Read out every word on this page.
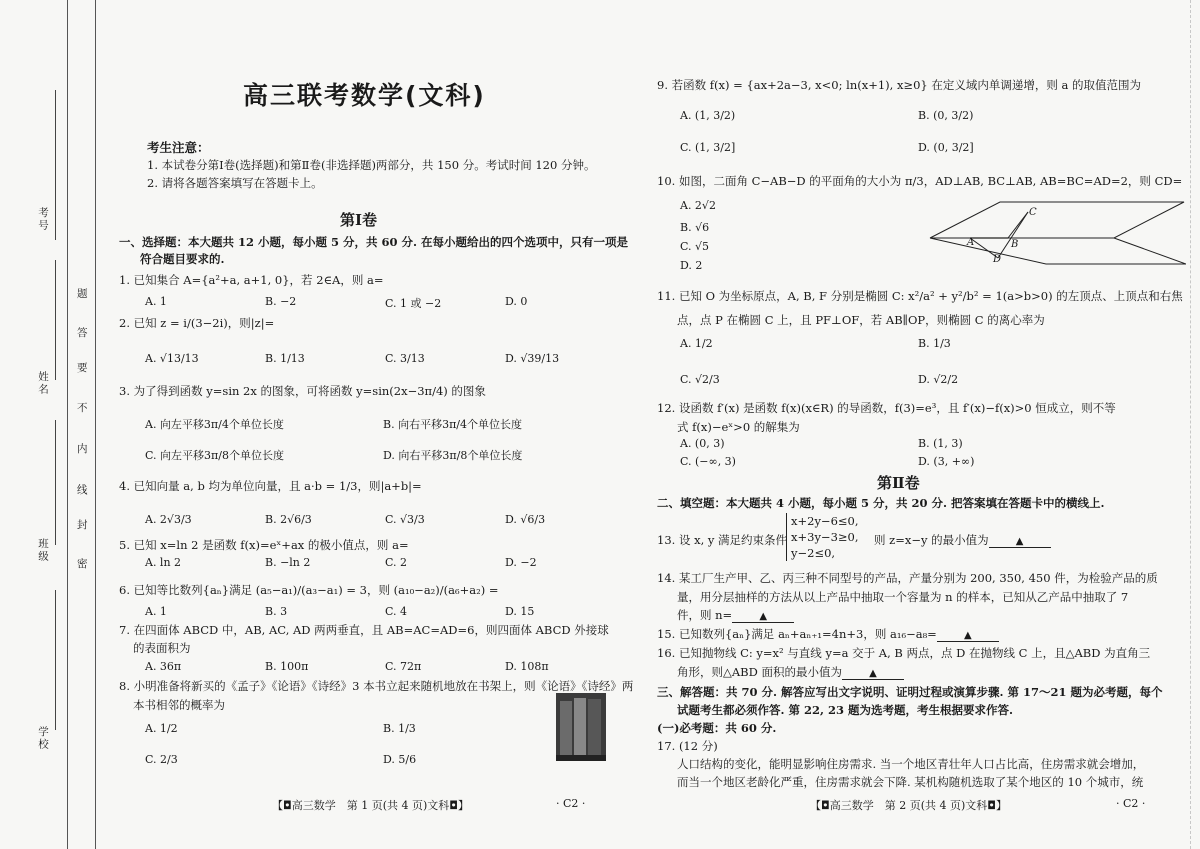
考号
姓名
班级
学校
题
答
要
不
内
线
封
密
高三联考数学(文科)
考生注意：
1. 本试卷分第Ⅰ卷(选择题)和第Ⅱ卷(非选择题)两部分，共 150 分。考试时间 120 分钟。
2. 请将各题答案填写在答题卡上。
第Ⅰ卷
一、选择题：本大题共 12 小题，每小题 5 分，共 60 分. 在每小题给出的四个选项中，只有一项是
符合题目要求的.
1. 已知集合 A={a²+a, a+1, 0}，若 2∈A，则 a=
A. 1	B. −2	C. 1 或 −2	D. 0
2. 已知 z = i/(3−2i)，则|z|=
A. √13/13	B. 1/13	C. 3/13	D. √39/13
3. 为了得到函数 y=sin 2x 的图象，可将函数 y=sin(2x−3π/4) 的图象
A. 向左平移3π/4个单位长度	B. 向右平移3π/4个单位长度
C. 向左平移3π/8个单位长度	D. 向右平移3π/8个单位长度
4. 已知向量 a, b 均为单位向量，且 a·b = 1/3，则|a+b|=
A. 2√3/3	B. 2√6/3	C. √3/3	D. √6/3
5. 已知 x=ln 2 是函数 f(x)=eˣ+ax 的极小值点，则 a=
A. ln 2	B. −ln 2	C. 2	D. −2
6. 已知等比数列{aₙ}满足 (a₅−a₁)/(a₃−a₁) = 3，则 (a₁₀−a₂)/(a₆+a₂) =
A. 1	B. 3	C. 4	D. 15
7. 在四面体 ABCD 中，AB, AC, AD 两两垂直，且 AB=AC=AD=6，则四面体 ABCD 外接球
的表面积为
A. 36π	B. 100π	C. 72π	D. 108π
8. 小明准备将新买的《孟子》《论语》《诗经》3 本书立起来随机地放在书架上，则《论语》《诗经》两
本书相邻的概率为
A. 1/2	B. 1/3
C. 2/3	D. 5/6
【◘高三数学　第 1 页(共 4 页)文科◘】	· C2 ·
9. 若函数 f(x) = {ax+2a−3, x<0; ln(x+1), x≥0} 在定义域内单调递增，则 a 的取值范围为
A. (1, 3/2)	B. (0, 3/2)
C. (1, 3/2]	D. (0, 3/2]
10. 如图，二面角 C−AB−D 的平面角的大小为 π/3，AD⊥AB, BC⊥AB, AB=BC=AD=2，则 CD=
A. 2√2
B. √6
C. √5
D. 2
11. 已知 O 为坐标原点，A, B, F 分别是椭圆 C: x²/a² + y²/b² = 1(a>b>0) 的左顶点、上顶点和右焦
点，点 P 在椭圆 C 上，且 PF⊥OF，若 AB∥OP，则椭圆 C 的离心率为
A. 1/2	B. 1/3
C. √2/3	D. √2/2
12. 设函数 f′(x) 是函数 f(x)(x∈R) 的导函数，f(3)=e³，且 f′(x)−f(x)>0 恒成立，则不等
式 f(x)−eˣ>0 的解集为
A. (0, 3)	B. (1, 3)
C. (−∞, 3)	D. (3, +∞)
A	B
C
D
第Ⅱ卷
二、填空题：本大题共 4 小题，每小题 5 分，共 20 分. 把答案填在答题卡中的横线上.
13. 设 x, y 满足约束条件
x+2y−6≤0,
x+3y−3≥0,
y−2≤0,
则 z=x−y 的最小值为	▲
14. 某工厂生产甲、乙、丙三种不同型号的产品，产量分别为 200, 350, 450 件，为检验产品的质
量，用分层抽样的方法从以上产品中抽取一个容量为 n 的样本，已知从乙产品中抽取了 7
件，则 n=	▲
15. 已知数列{aₙ}满足 aₙ+aₙ₊₁=4n+3，则 a₁₆−a₈=	▲
16. 已知抛物线 C: y=x² 与直线 y=a 交于 A, B 两点，点 D 在抛物线 C 上，且△ABD 为直角三
角形，则△ABD 面积的最小值为	▲
三、解答题：共 70 分. 解答应写出文字说明、证明过程或演算步骤. 第 17～21 题为必考题，每个
试题考生都必须作答. 第 22, 23 题为选考题，考生根据要求作答.
(一)必考题：共 60 分.
17. (12 分)
人口结构的变化，能明显影响住房需求. 当一个地区青壮年人口占比高，住房需求就会增加，
而当一个地区老龄化严重，住房需求就会下降. 某机构随机选取了某个地区的 10 个城市，统
【◘高三数学　第 2 页(共 4 页)文科◘】	· C2 ·
